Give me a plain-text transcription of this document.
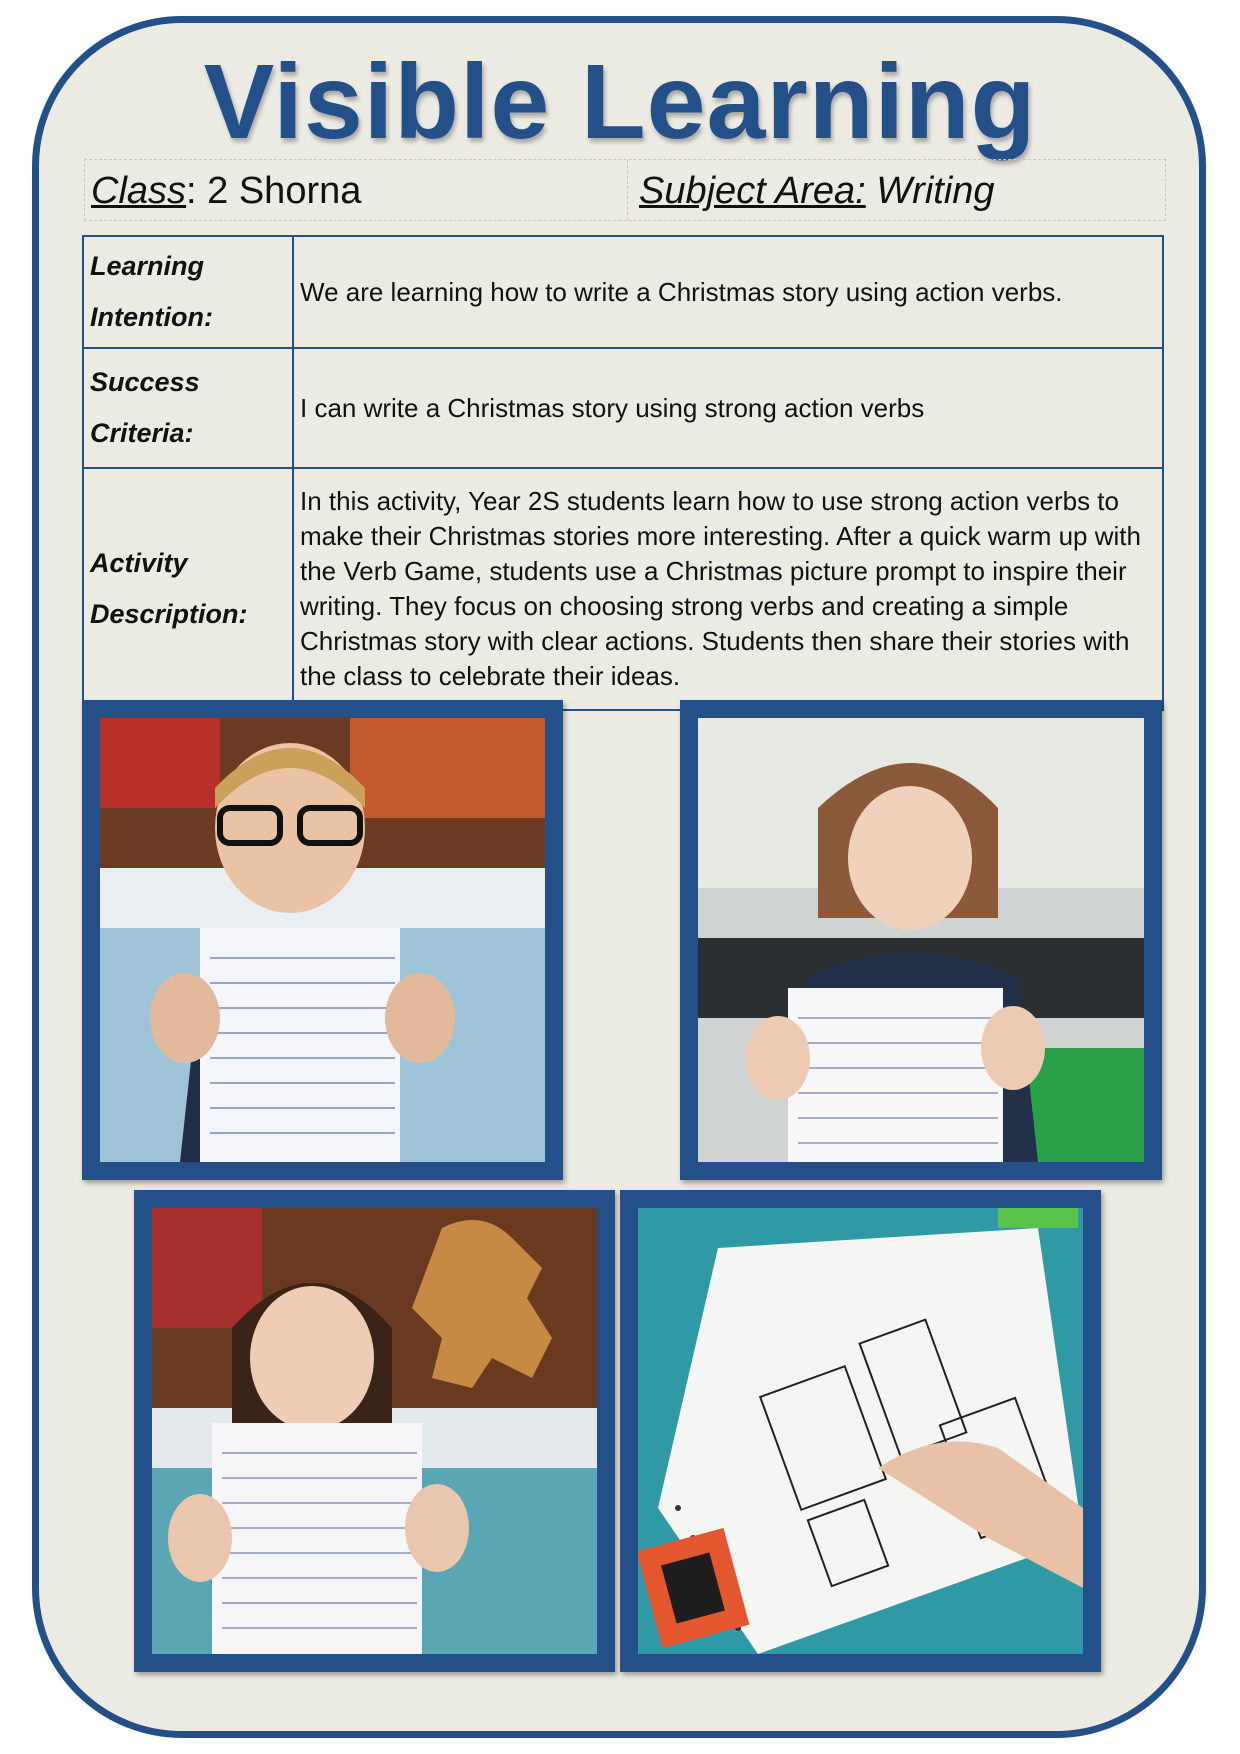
Visible Learning
Class: 2 Shorna	Subject Area: Writing
Learning
Intention:	We are learning how to write a Christmas story using action verbs.
Success
Criteria:	I can write a Christmas story using strong action verbs
Activity
Description:	In this activity, Year 2S students learn how to use strong action verbs to make their Christmas stories more interesting. After a quick warm up with the Verb Game, students use a Christmas picture prompt to inspire their writing. They focus on choosing strong verbs and creating a simple Christmas story with clear actions. Students then share their stories with the class to celebrate their ideas.
